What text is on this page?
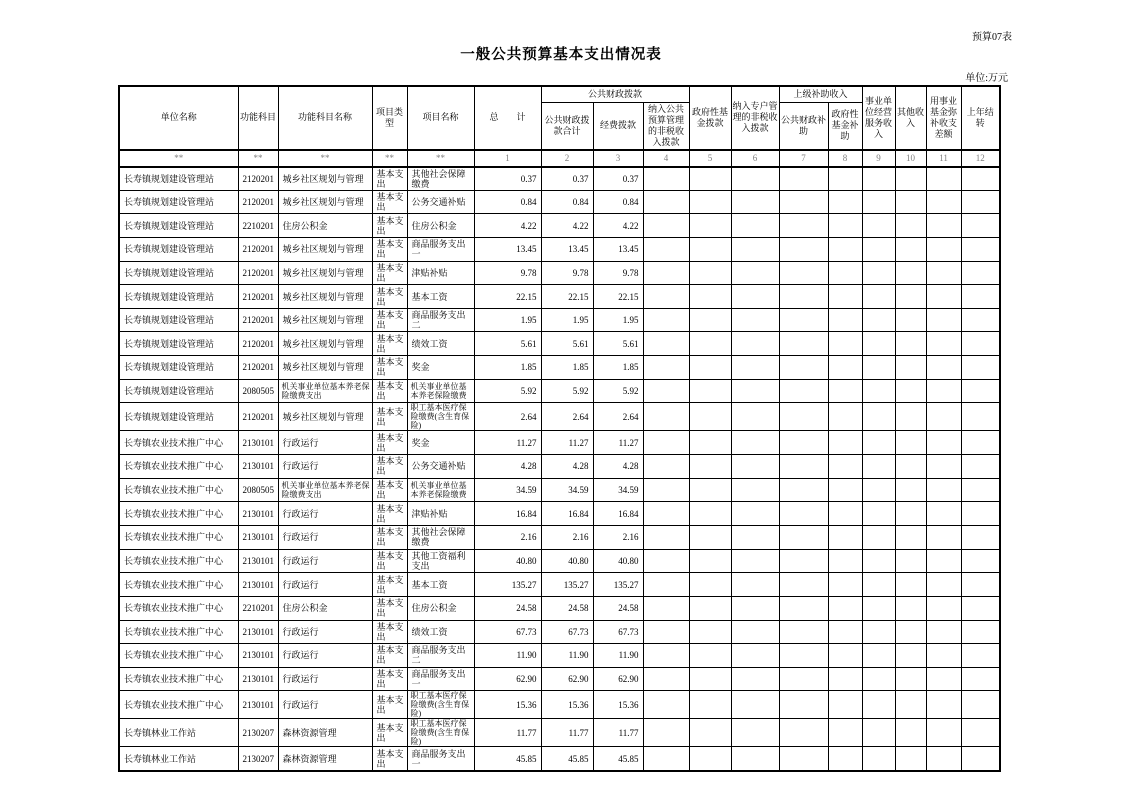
预算07表
一般公共预算基本支出情况表
单位:万元
单位名称	功能科目	功能科目名称	项目类型	项目名称	总　　计	公共财政拨款			政府性基金拨款	纳入专户管理的非税收入拨款	上级补助收入		事业单位经营服务收入	其他收入	用事业基金弥补收支差额	上年结转
						公共财政拨款合计	经费拨款	纳入公共预算管理的非税收入拨款			公共财政补助	政府性基金补助				
**	**	**	**	**	1	2	3	4	5	6	7	8	9	10	11	12
长寿镇规划建设管理站	2120201	城乡社区规划与管理	基本支出	其他社会保障缴费	0.37	0.37	0.37									
长寿镇规划建设管理站	2120201	城乡社区规划与管理	基本支出	公务交通补贴	0.84	0.84	0.84									
长寿镇规划建设管理站	2210201	住房公积金	基本支出	住房公积金	4.22	4.22	4.22									
长寿镇规划建设管理站	2120201	城乡社区规划与管理	基本支出	商品服务支出一	13.45	13.45	13.45									
长寿镇规划建设管理站	2120201	城乡社区规划与管理	基本支出	津贴补贴	9.78	9.78	9.78									
长寿镇规划建设管理站	2120201	城乡社区规划与管理	基本支出	基本工资	22.15	22.15	22.15									
长寿镇规划建设管理站	2120201	城乡社区规划与管理	基本支出	商品服务支出二	1.95	1.95	1.95									
长寿镇规划建设管理站	2120201	城乡社区规划与管理	基本支出	绩效工资	5.61	5.61	5.61									
长寿镇规划建设管理站	2120201	城乡社区规划与管理	基本支出	奖金	1.85	1.85	1.85									
长寿镇规划建设管理站	2080505	机关事业单位基本养老保险缴费支出	基本支出	机关事业单位基本养老保险缴费	5.92	5.92	5.92									
长寿镇规划建设管理站	2120201	城乡社区规划与管理	基本支出	职工基本医疗保险缴费(含生育保险)	2.64	2.64	2.64									
长寿镇农业技术推广中心	2130101	行政运行	基本支出	奖金	11.27	11.27	11.27									
长寿镇农业技术推广中心	2130101	行政运行	基本支出	公务交通补贴	4.28	4.28	4.28									
长寿镇农业技术推广中心	2080505	机关事业单位基本养老保险缴费支出	基本支出	机关事业单位基本养老保险缴费	34.59	34.59	34.59									
长寿镇农业技术推广中心	2130101	行政运行	基本支出	津贴补贴	16.84	16.84	16.84									
长寿镇农业技术推广中心	2130101	行政运行	基本支出	其他社会保障缴费	2.16	2.16	2.16									
长寿镇农业技术推广中心	2130101	行政运行	基本支出	其他工资福利支出	40.80	40.80	40.80									
长寿镇农业技术推广中心	2130101	行政运行	基本支出	基本工资	135.27	135.27	135.27									
长寿镇农业技术推广中心	2210201	住房公积金	基本支出	住房公积金	24.58	24.58	24.58									
长寿镇农业技术推广中心	2130101	行政运行	基本支出	绩效工资	67.73	67.73	67.73									
长寿镇农业技术推广中心	2130101	行政运行	基本支出	商品服务支出二	11.90	11.90	11.90									
长寿镇农业技术推广中心	2130101	行政运行	基本支出	商品服务支出一	62.90	62.90	62.90									
长寿镇农业技术推广中心	2130101	行政运行	基本支出	职工基本医疗保险缴费(含生育保险)	15.36	15.36	15.36									
长寿镇林业工作站	2130207	森林资源管理	基本支出	职工基本医疗保险缴费(含生育保险)	11.77	11.77	11.77									
长寿镇林业工作站	2130207	森林资源管理	基本支出	商品服务支出一	45.85	45.85	45.85									
